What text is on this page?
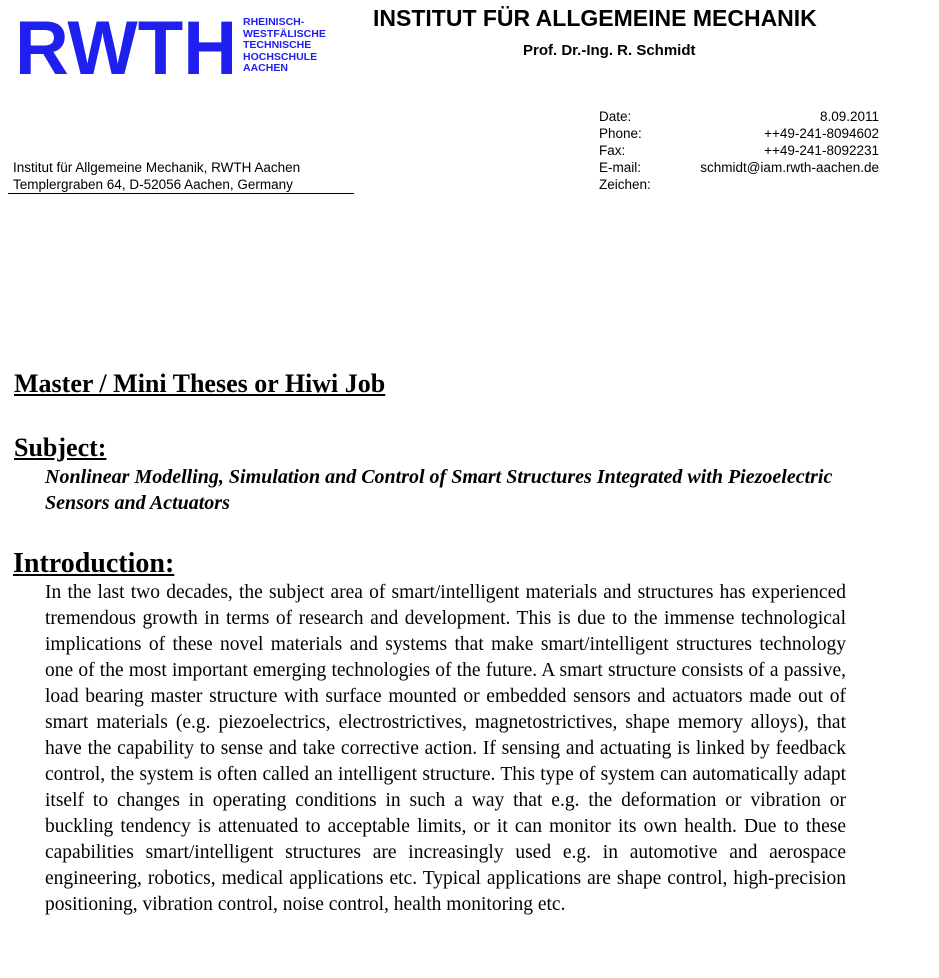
RWTH RHEINISCH-
WESTFÄLISCHE
TECHNISCHE
HOCHSCHULE
AACHEN
INSTITUT FÜR ALLGEMEINE MECHANIK
Prof. Dr.-Ing. R. Schmidt
Institut für Allgemeine Mechanik, RWTH Aachen
Templergraben 64, D-52056 Aachen, Germany
Date:	8.09.2011
Phone:	++49-241-8094602
Fax:	++49-241-8092231
E-mail:	schmidt@iam.rwth-aachen.de
Zeichen:
Master / Mini Theses or Hiwi Job
Subject:

Nonlinear Modelling, Simulation and Control of Smart Structures Integrated with Piezoelectric Sensors and Actuators

Introduction:

In the last two decades, the subject area of smart/intelligent materials and structures has experienced tremendous growth in terms of research and development. This is due to the immense technological implications of these novel materials and systems that make smart/intelligent structures technology one of the most important emerging technologies of the future. A smart structure consists of a passive, load bearing master structure with surface mounted or embedded sensors and actuators made out of smart materials (e.g. piezoelectrics, electrostrictives, magnetostrictives, shape memory alloys), that have the capability to sense and take corrective action. If sensing and actuating is linked by feedback control, the system is often called an intelligent structure. This type of system can automatically adapt itself to changes in operating conditions in such a way that e.g. the deformation or vibration or buckling tendency is attenuated to acceptable limits, or it can monitor its own health. Due to these capabilities smart/intelligent structures are increasingly used e.g. in automotive and aerospace engineering, robotics, medical applications etc. Typical applications are shape control, high-precision positioning, vibration control, noise control, health monitoring etc.
